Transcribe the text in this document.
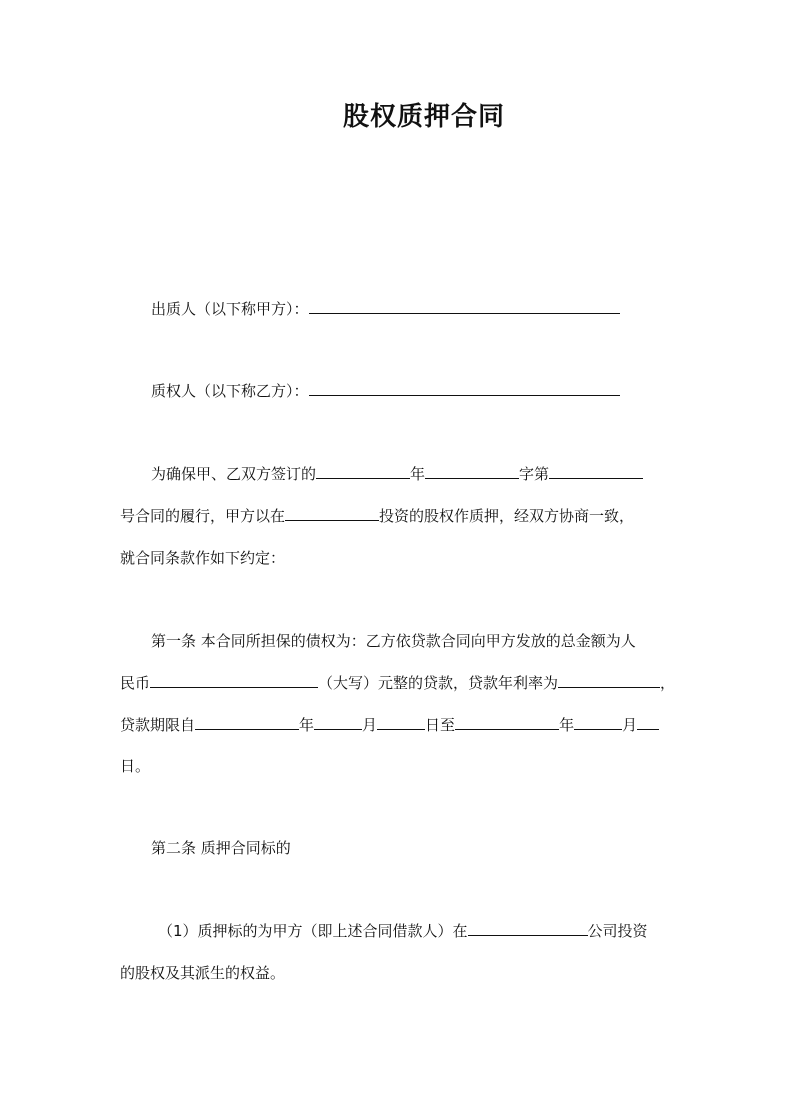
股权质押合同
出质人（以下称甲方）：
质权人（以下称乙方）：
为确保甲、乙双方签订的	年	字第
号合同的履行，甲方以在	投资的股权作质押，经双方协商一致，
就合同条款作如下约定：
第一条 本合同所担保的债权为：乙方依贷款合同向甲方发放的总金额为人
民币	（大写）元整的贷款，贷款年利率为	，
贷款期限自	年	月	日至	年	月
日。
第二条 质押合同标的
（1）质押标的为甲方（即上述合同借款人）在	公司投资
的股权及其派生的权益。
